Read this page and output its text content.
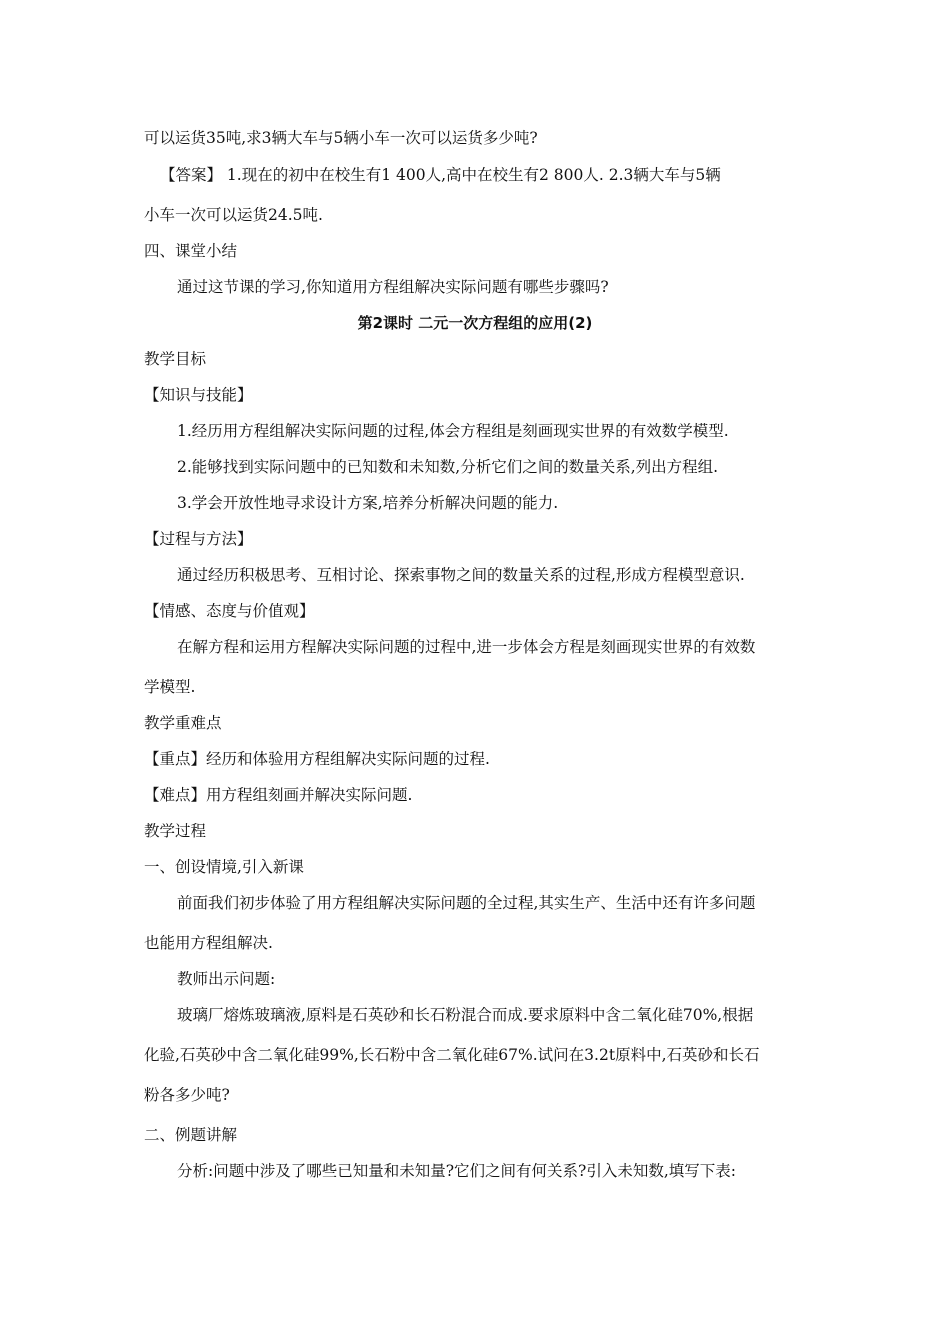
可以运货35吨,求3辆大车与5辆小车一次可以运货多少吨?
【答案】 1.现在的初中在校生有1 400人,高中在校生有2 800人. 2.3辆大车与5辆
小车一次可以运货24.5吨.
四、课堂小结
通过这节课的学习,你知道用方程组解决实际问题有哪些步骤吗?
第2课时 二元一次方程组的应用(2)
教学目标
【知识与技能】
1.经历用方程组解决实际问题的过程,体会方程组是刻画现实世界的有效数学模型.
2.能够找到实际问题中的已知数和未知数,分析它们之间的数量关系,列出方程组.
3.学会开放性地寻求设计方案,培养分析解决问题的能力.
【过程与方法】
通过经历积极思考、互相讨论、探索事物之间的数量关系的过程,形成方程模型意识.
【情感、态度与价值观】
在解方程和运用方程解决实际问题的过程中,进一步体会方程是刻画现实世界的有效数
学模型.
教学重难点
【重点】经历和体验用方程组解决实际问题的过程.
【难点】用方程组刻画并解决实际问题.
教学过程
一、创设情境,引入新课
前面我们初步体验了用方程组解决实际问题的全过程,其实生产、生活中还有许多问题
也能用方程组解决.
教师出示问题:
玻璃厂熔炼玻璃液,原料是石英砂和长石粉混合而成.要求原料中含二氧化硅70%,根据
化验,石英砂中含二氧化硅99%,长石粉中含二氧化硅67%.试问在3.2t原料中,石英砂和长石
粉各多少吨?
二、例题讲解
分析:问题中涉及了哪些已知量和未知量?它们之间有何关系?引入未知数,填写下表:
